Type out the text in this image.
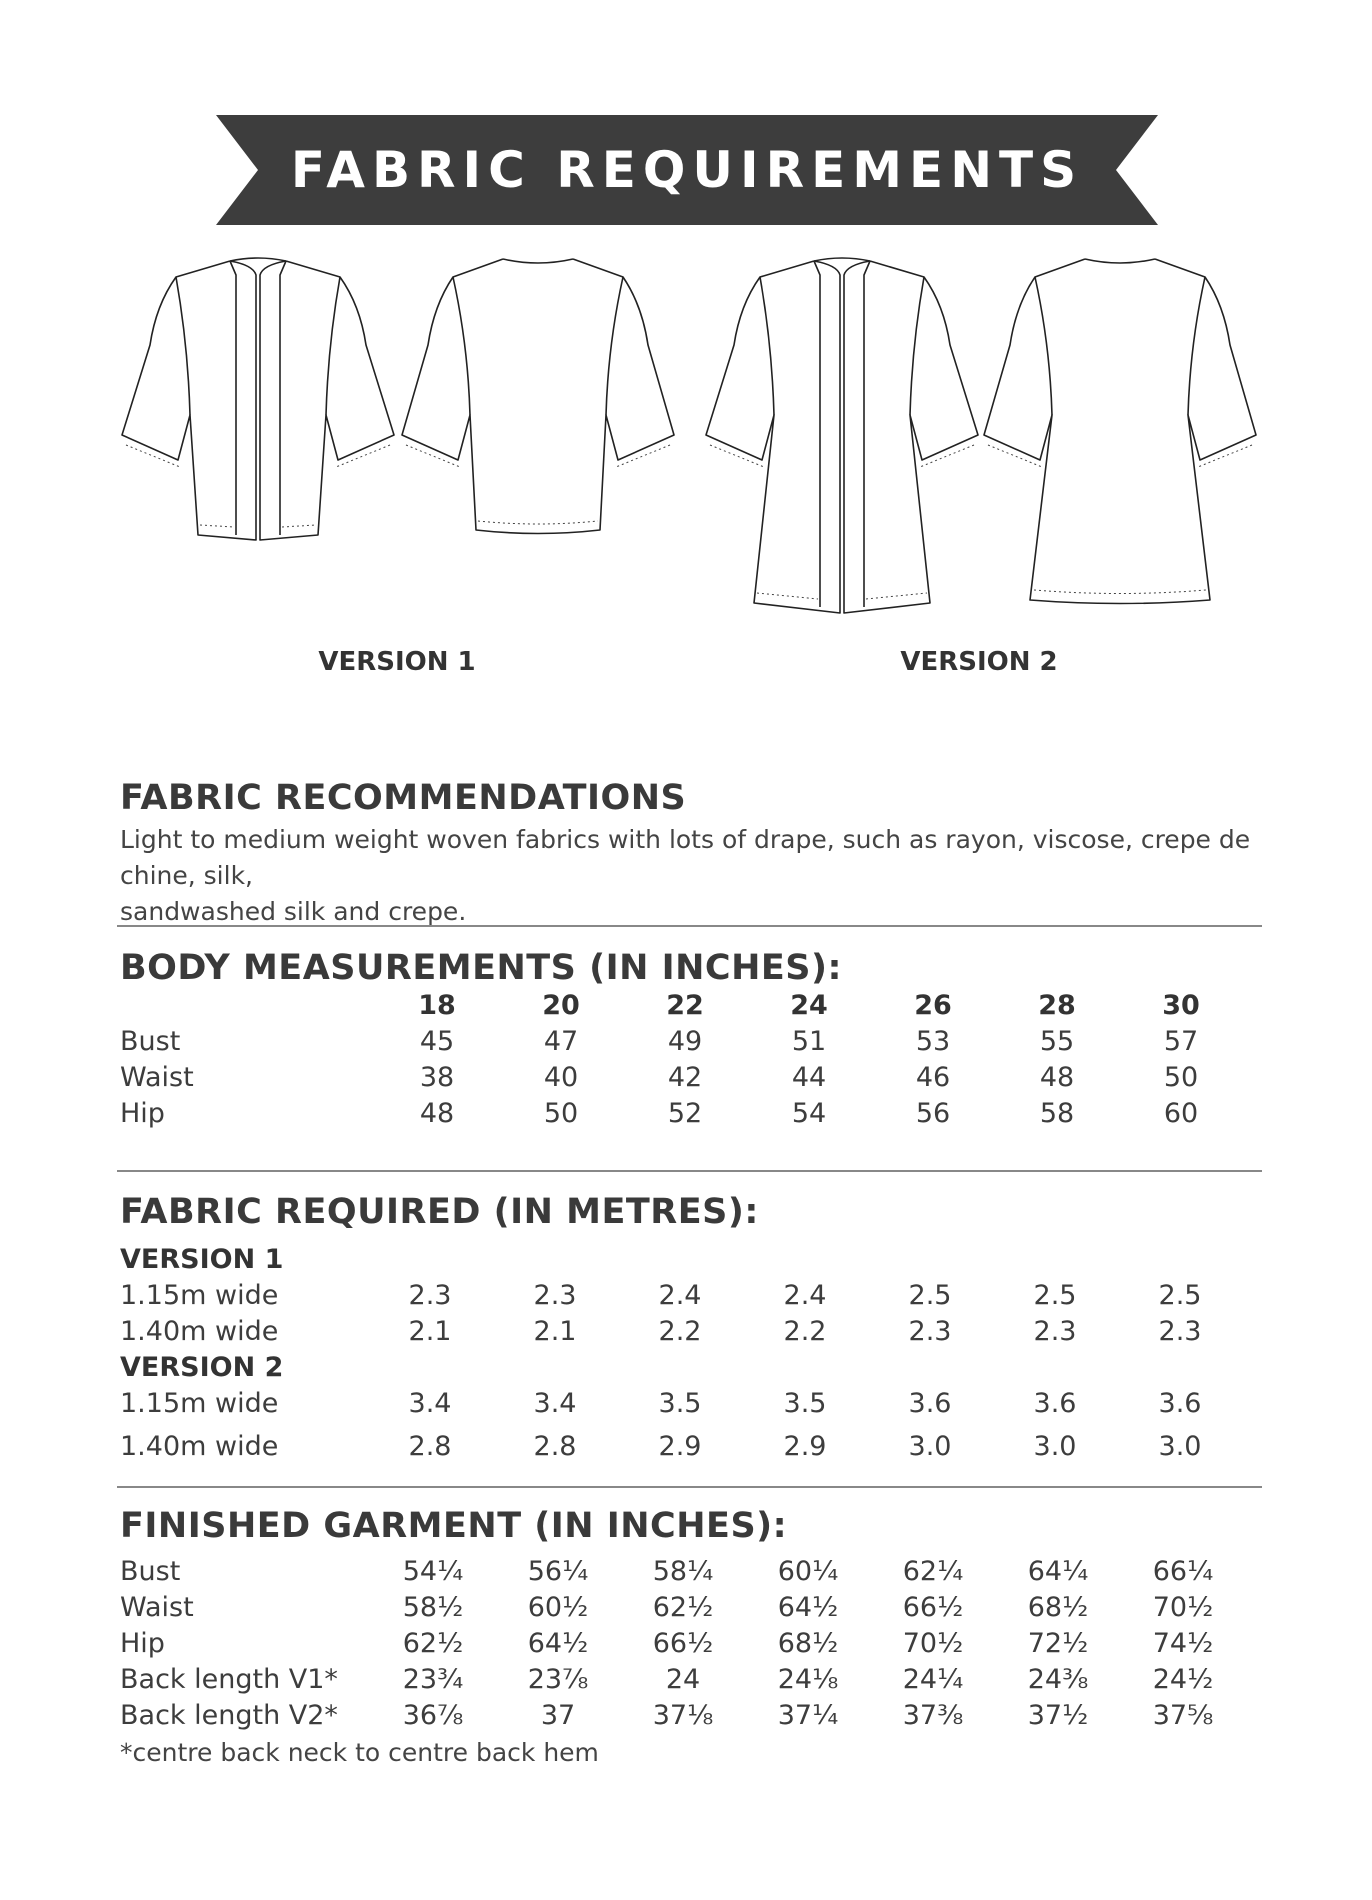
FABRIC REQUIREMENTS
VERSION 1	VERSION 2
FABRIC RECOMMENDATIONS
Light to medium weight woven fabrics with lots of drape, such as rayon, viscose, crepe de chine, silk,
sandwashed silk and crepe.
BODY MEASUREMENTS (IN INCHES):
18	20	22	24	26	28	30
Bust	45	47	49	51	53	55	57
Waist	38	40	42	44	46	48	50
Hip	48	50	52	54	56	58	60
FABRIC REQUIRED (IN METRES):
VERSION 1
1.15m wide	2.3	2.3	2.4	2.4	2.5	2.5	2.5
1.40m wide	2.1	2.1	2.2	2.2	2.3	2.3	2.3
VERSION 2
1.15m wide	3.4	3.4	3.5	3.5	3.6	3.6	3.6
1.40m wide	2.8	2.8	2.9	2.9	3.0	3.0	3.0
FINISHED GARMENT (IN INCHES):
Bust	54¼	56¼	58¼	60¼	62¼	64¼	66¼
Waist	58½	60½	62½	64½	66½	68½	70½
Hip	62½	64½	66½	68½	70½	72½	74½
Back length V1*	23¾	23⅞	24	24⅛	24¼	24⅜	24½
Back length V2*	36⅞	37	37⅛	37¼	37⅜	37½	37⅝
*centre back neck to centre back hem
